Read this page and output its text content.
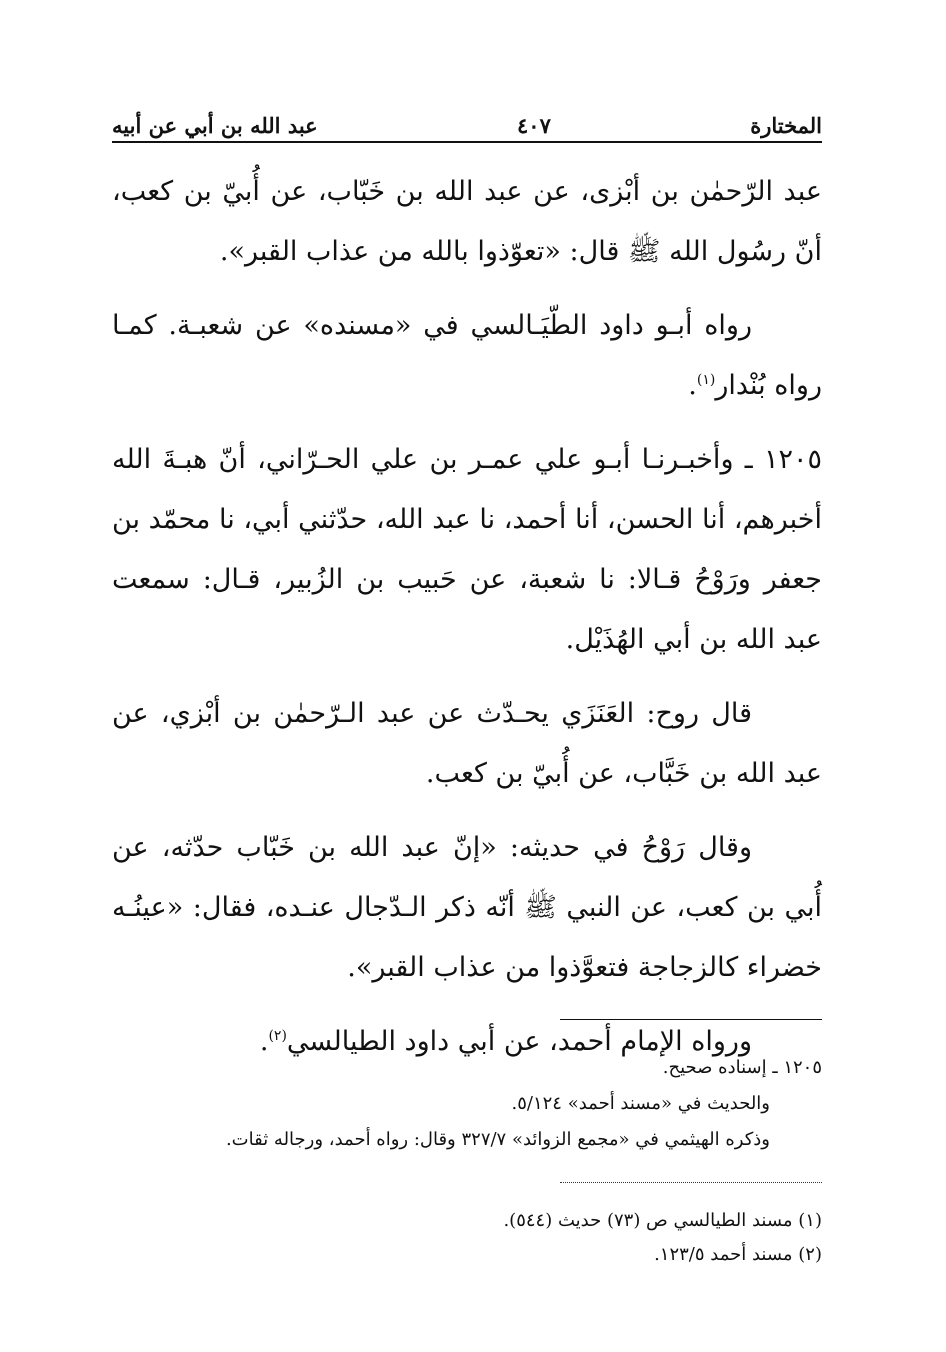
المختارة
٤٠٧
عبد الله بن أبي عن أبيه

عبد الرّحمٰن بن أبْزى، عن عبد الله بن خَبّاب، عن أُبيّ بن كعب، أنّ رسُول الله ﷺ قال: «تعوّذوا بالله من عذاب القبر».

رواه أبـو داود الطّيَـالسي في «مسنده» عن شعبـة. كمـا رواه بُنْدار$^{(١)}$.

١٢٠٥ ـ وأخبـرنـا أبـو علي عمـر بن علي الحـرّاني، أنّ هبـةَ الله أخبرهم، أنا الحسن، أنا أحمد، نا عبد الله، حدّثني أبي، نا محمّد بن جعفر ورَوْحُ قـالا: نا شعبة، عن حَبيب بن الزُبير، قـال: سمعت عبد الله بن أبي الهُذَيْل.

قال روح: العَنَزَي يحـدّث عن عبد الـرّحمٰن بن أبْزي، عن عبد الله بن خَبَّاب، عن أُبيّ بن كعب.

وقال رَوْحُ في حديثه: «إنّ عبد الله بن خَبّاب حدّثه، عن أُبي بن كعب، عن النبي ﷺ أنّه ذكر الـدّجال عنـده، فقال: «عينُـه خضراء كالزجاجة فتعوَّذوا من عذاب القبر».

ورواه الإمام أحمد، عن أبي داود الطيالسي$^{(٢)}$.

١٢٠٥ ـ إسناده صحيح.
والحديث في «مسند أحمد» ٥/١٢٤.
وذكره الهيثمي في «مجمع الزوائد» ٣٢٧/٧ وقال: رواه أحمد، ورجاله ثقات.
(١) مسند الطيالسي ص (٧٣) حديث (٥٤٤).
(٢) مسند أحمد ١٢٣/٥.
